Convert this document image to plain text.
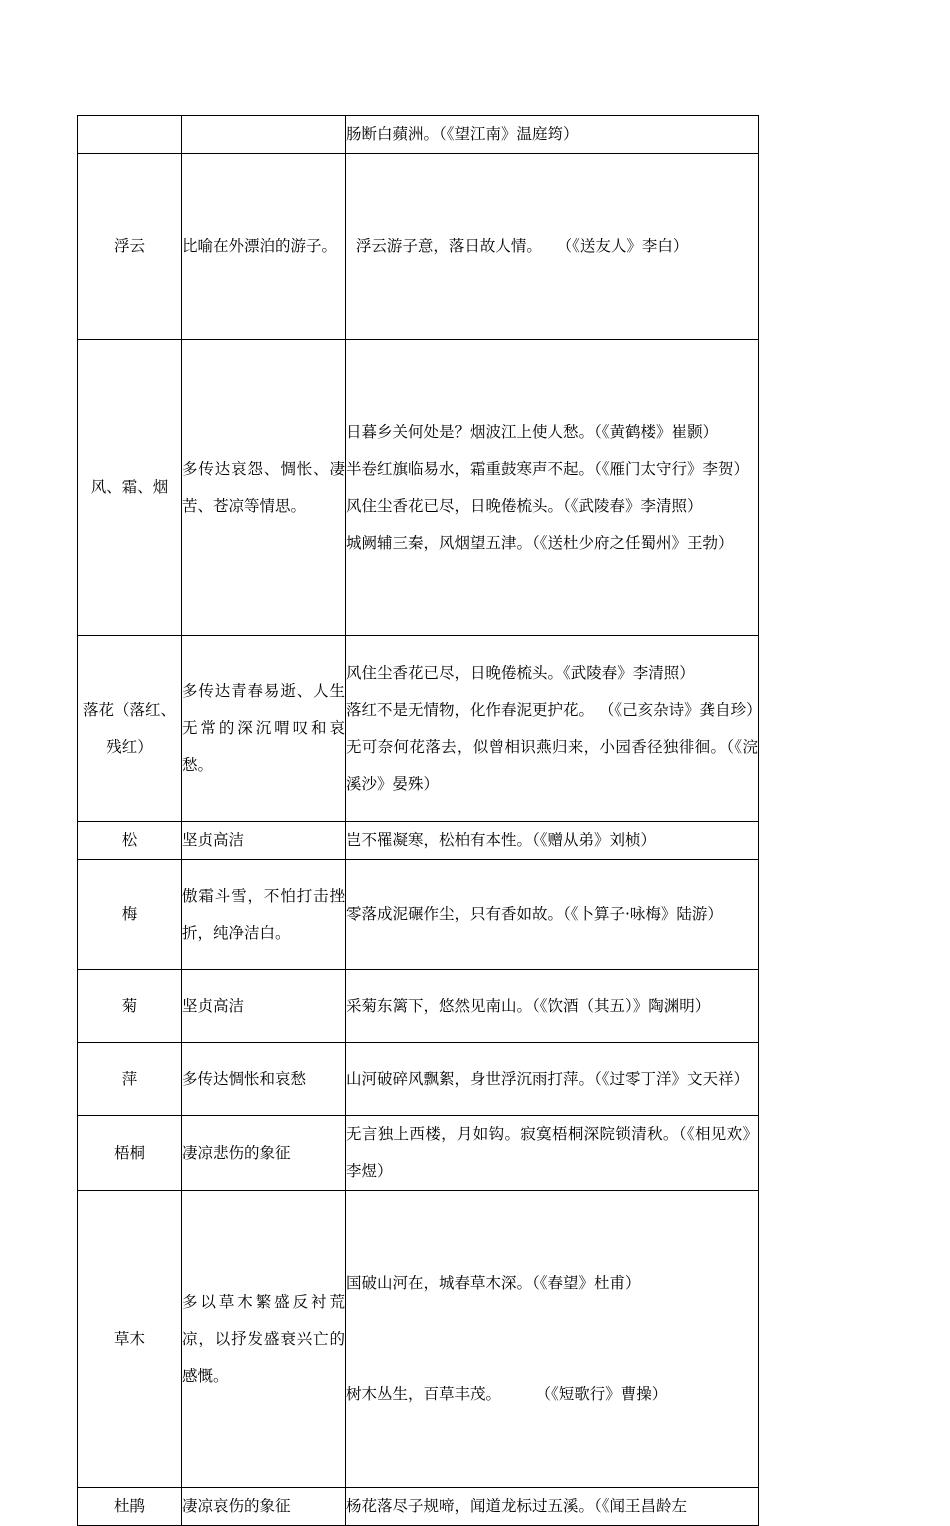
		肠断白蘋洲。（《望江南》温庭筠）

浮云	比喻在外漂泊的游子。	浮云游子意，落日故人情。   （《送友人》李白）

风、霜、烟	多传达哀怨、惆怅、凄苦、苍凉等情思。	日暮乡关何处是？烟波江上使人愁。（《黄鹤楼》崔颢）
半卷红旗临易水，霜重鼓寒声不起。（《雁门太守行》李贺）
风住尘香花已尽，日晚倦梳头。（《武陵春》李清照）
城阙辅三秦，风烟望五津。（《送杜少府之任蜀州》王勃）

落花（落红、残红）	多传达青春易逝、人生无常的深沉喟叹和哀愁。	风住尘香花已尽，日晚倦梳头。《武陵春》李清照）
落红不是无情物，化作春泥更护花。 （《己亥杂诗》龚自珍）
无可奈何花落去，似曾相识燕归来，小园香径独徘徊。（《浣溪沙》晏殊）

松	坚贞高洁	岂不罹凝寒，松柏有本性。（《赠从弟》刘桢）

梅	傲霜斗雪，不怕打击挫折，纯净洁白。	零落成泥碾作尘，只有香如故。（《卜算子·咏梅》陆游）

菊	坚贞高洁	采菊东篱下，悠然见南山。（《饮酒（其五）》陶渊明）

萍	多传达惆怅和哀愁	山河破碎风飘絮，身世浮沉雨打萍。（《过零丁洋》文天祥）

梧桐	凄凉悲伤的象征	无言独上西楼，月如钩。寂寞梧桐深院锁清秋。（《相见欢》李煜）

草木	多以草木繁盛反衬荒凉，以抒发盛衰兴亡的感慨。	国破山河在，城春草木深。（《春望》杜甫）

树木丛生，百草丰茂。       （《短歌行》曹操）

杜鹃	凄凉哀伤的象征	杨花落尽子规啼，闻道龙标过五溪。（《闻王昌龄左
